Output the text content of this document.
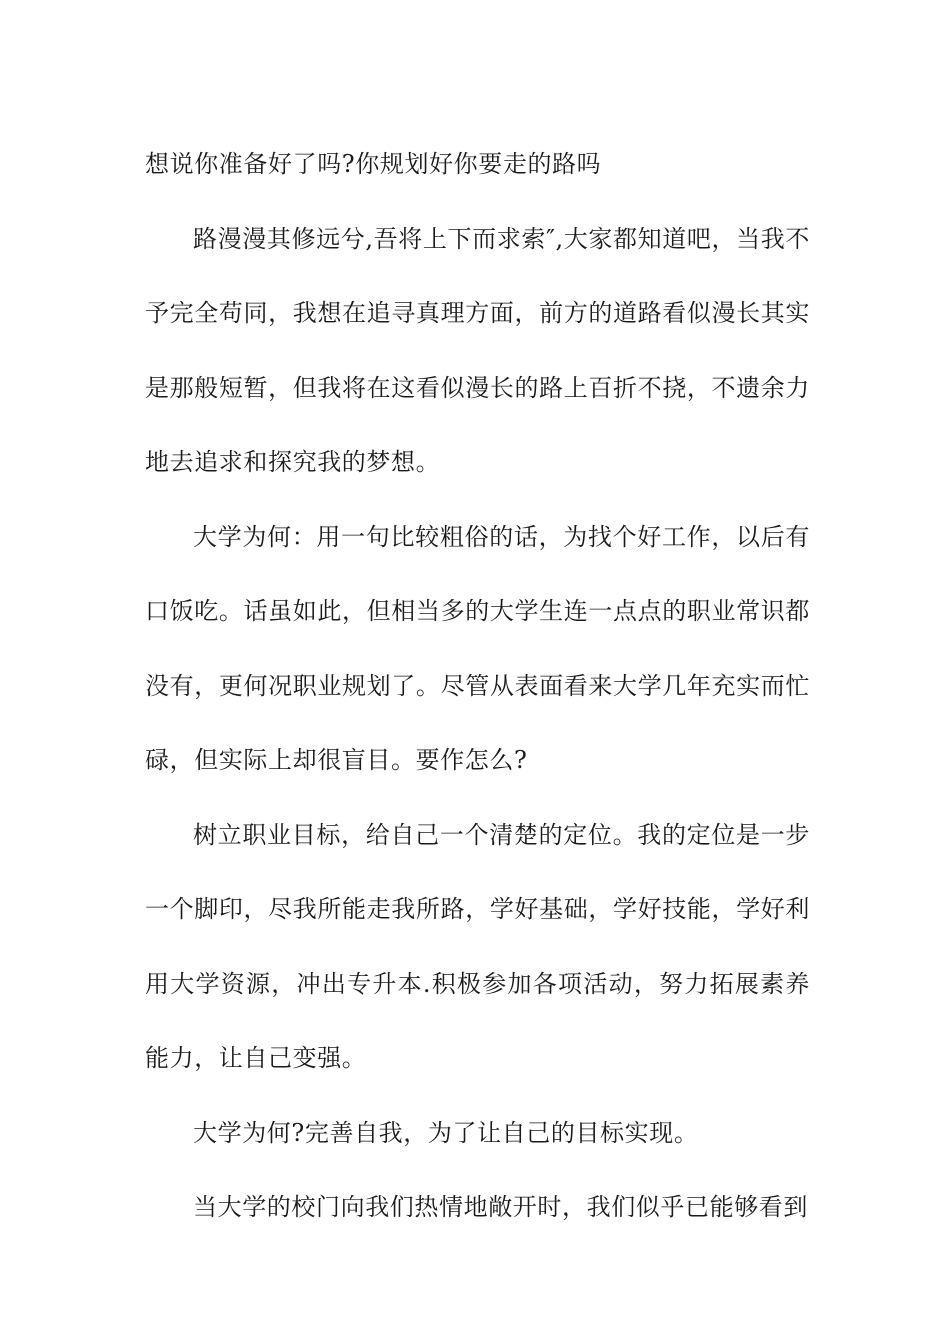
想说你准备好了吗?你规划好你要走的路吗

路漫漫其修远兮,吾将上下而求索″,大家都知道吧，当我不予完全苟同，我想在追寻真理方面，前方的道路看似漫长其实是那般短暂，但我将在这看似漫长的路上百折不挠，不遗余力地去追求和探究我的梦想。

大学为何：用一句比较粗俗的话，为找个好工作，以后有口饭吃。话虽如此，但相当多的大学生连一点点的职业常识都没有，更何况职业规划了。尽管从表面看来大学几年充实而忙碌，但实际上却很盲目。要作怎么?

树立职业目标，给自己一个清楚的定位。我的定位是一步一个脚印，尽我所能走我所路，学好基础，学好技能，学好利用大学资源，冲出专升本.积极参加各项活动，努力拓展素养能力，让自己变强。

大学为何?完善自我，为了让自己的目标实现。

当大学的校门向我们热情地敞开时，我们似乎已能够看到
